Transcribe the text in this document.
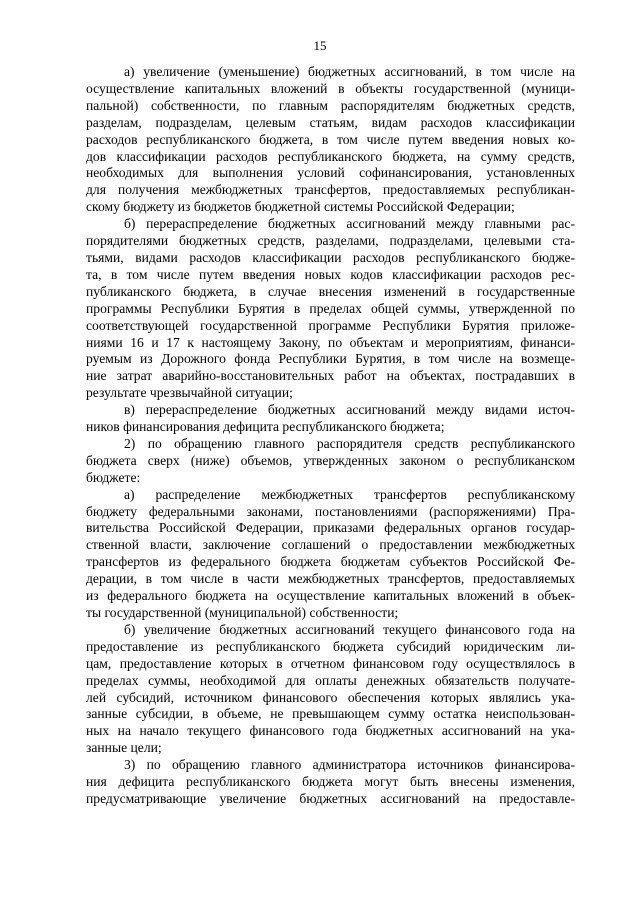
15

а) увеличение (уменьшение) бюджетных ассигнований, в том числе на
осуществление капитальных вложений в объекты государственной (муници-
пальной) собственности, по главным распорядителям бюджетных средств,
разделам, подразделам, целевым статьям, видам расходов классификации
расходов республиканского бюджета, в том числе путем введения новых ко-
дов классификации расходов республиканского бюджета, на сумму средств,
необходимых для выполнения условий софинансирования, установленных
для получения межбюджетных трансфертов, предоставляемых республикан-
скому бюджету из бюджетов бюджетной системы Российской Федерации;

б) перераспределение бюджетных ассигнований между главными рас-
порядителями бюджетных средств, разделами, подразделами, целевыми ста-
тьями, видами расходов классификации расходов республиканского бюдже-
та, в том числе путем введения новых кодов классификации расходов рес-
публиканского бюджета, в случае внесения изменений в государственные
программы Республики Бурятия в пределах общей суммы, утвержденной по
соответствующей государственной программе Республики Бурятия приложе-
ниями 16 и 17 к настоящему Закону, по объектам и мероприятиям, финанси-
руемым из Дорожного фонда Республики Бурятия, в том числе на возмеще-
ние затрат аварийно-восстановительных работ на объектах, пострадавших в
результате чрезвычайной ситуации;

в) перераспределение бюджетных ассигнований между видами источ-
ников финансирования дефицита республиканского бюджета;

2) по обращению главного распорядителя средств республиканского
бюджета сверх (ниже) объемов, утвержденных законом о республиканском
бюджете:

а) распределение межбюджетных трансфертов республиканскому
бюджету федеральными законами, постановлениями (распоряжениями) Пра-
вительства Российской Федерации, приказами федеральных органов государ-
ственной власти, заключение соглашений о предоставлении межбюджетных
трансфертов из федерального бюджета бюджетам субъектов Российской Фе-
дерации, в том числе в части межбюджетных трансфертов, предоставляемых
из федерального бюджета на осуществление капитальных вложений в объек-
ты государственной (муниципальной) собственности;

б) увеличение бюджетных ассигнований текущего финансового года на
предоставление из республиканского бюджета субсидий юридическим ли-
цам, предоставление которых в отчетном финансовом году осуществлялось в
пределах суммы, необходимой для оплаты денежных обязательств получате-
лей субсидий, источником финансового обеспечения которых являлись ука-
занные субсидии, в объеме, не превышающем сумму остатка неиспользован-
ных на начало текущего финансового года бюджетных ассигнований на ука-
занные цели;

3) по обращению главного администратора источников финансирова-
ния дефицита республиканского бюджета могут быть внесены изменения,
предусматривающие увеличение бюджетных ассигнований на предоставле-
